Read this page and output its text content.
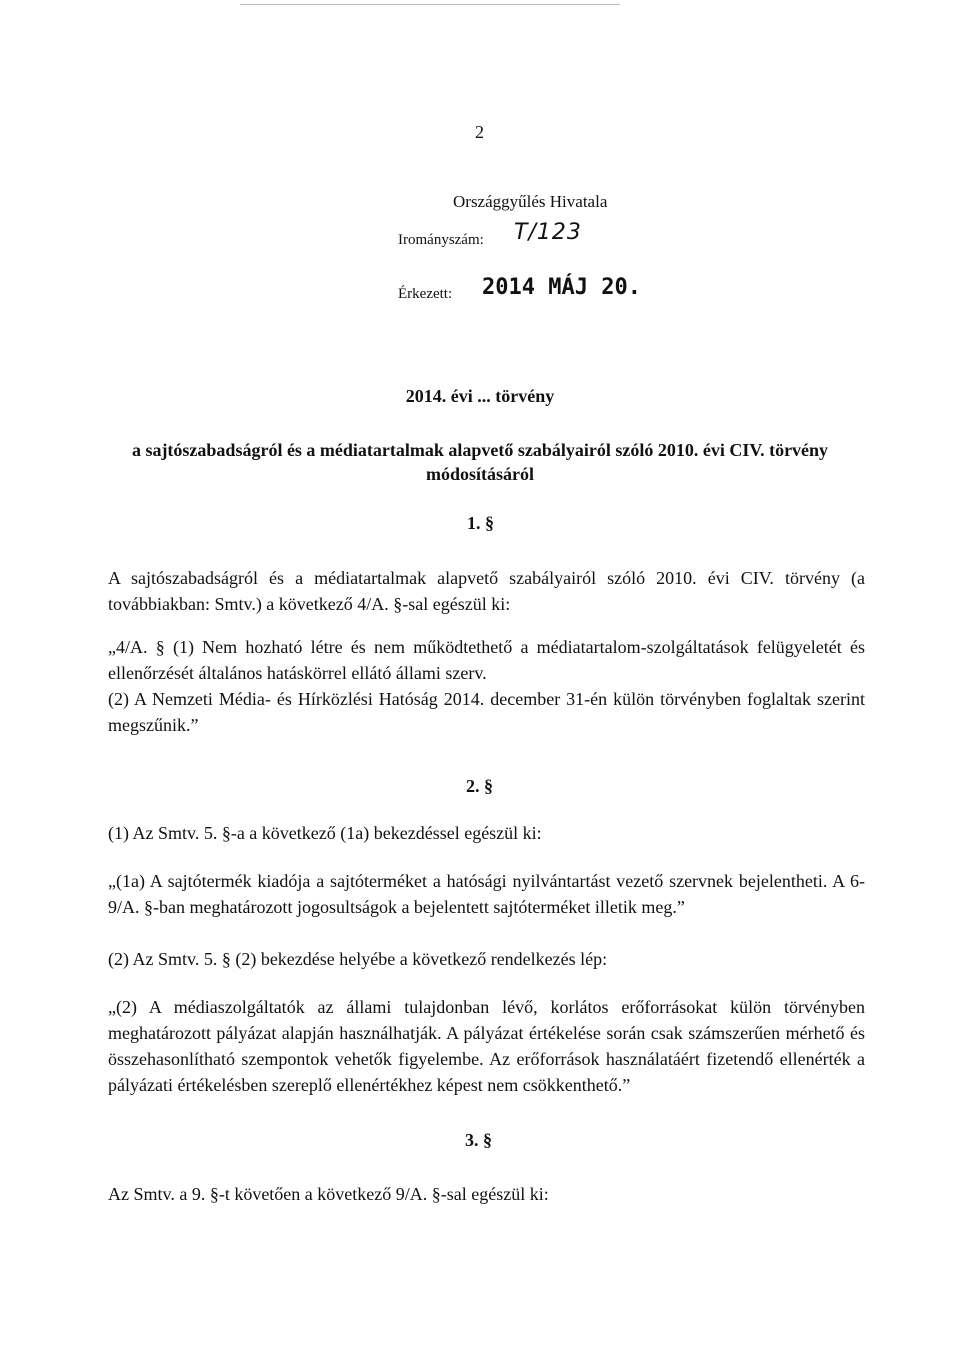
2
Országgyűlés Hivatala
Irományszám: T/123
Érkezett: 2014 MÁJ 20.
2014. évi ... törvény
a sajtószabadságról és a médiatartalmak alapvető szabályairól szóló 2010. évi CIV. törvény
módosításáról
1. §
A sajtószabadságról és a médiatartalmak alapvető szabályairól szóló 2010. évi CIV. törvény (a továbbiakban: Smtv.) a következő 4/A. §-sal egészül ki:
„4/A. § (1) Nem hozható létre és nem működtethető a médiatartalom-szolgáltatások felügyeletét és ellenőrzését általános hatáskörrel ellátó állami szerv.
(2) A Nemzeti Média- és Hírközlési Hatóság 2014. december 31-én külön törvényben foglaltak szerint megszűnik.”
2. §
(1) Az Smtv. 5. §-a a következő (1a) bekezdéssel egészül ki:
„(1a) A sajtótermék kiadója a sajtóterméket a hatósági nyilvántartást vezető szervnek bejelentheti. A 6-9/A. §-ban meghatározott jogosultságok a bejelentett sajtóterméket illetik meg.”
(2) Az Smtv. 5. § (2) bekezdése helyébe a következő rendelkezés lép:
„(2) A médiaszolgáltatók az állami tulajdonban lévő, korlátos erőforrásokat külön törvényben meghatározott pályázat alapján használhatják. A pályázat értékelése során csak számszerűen mérhető és összehasonlítható szempontok vehetők figyelembe. Az erőforrások használatáért fizetendő ellenérték a pályázati értékelésben szereplő ellenértékhez képest nem csökkenthető.”
3. §
Az Smtv. a 9. §-t követően a következő 9/A. §-sal egészül ki:
